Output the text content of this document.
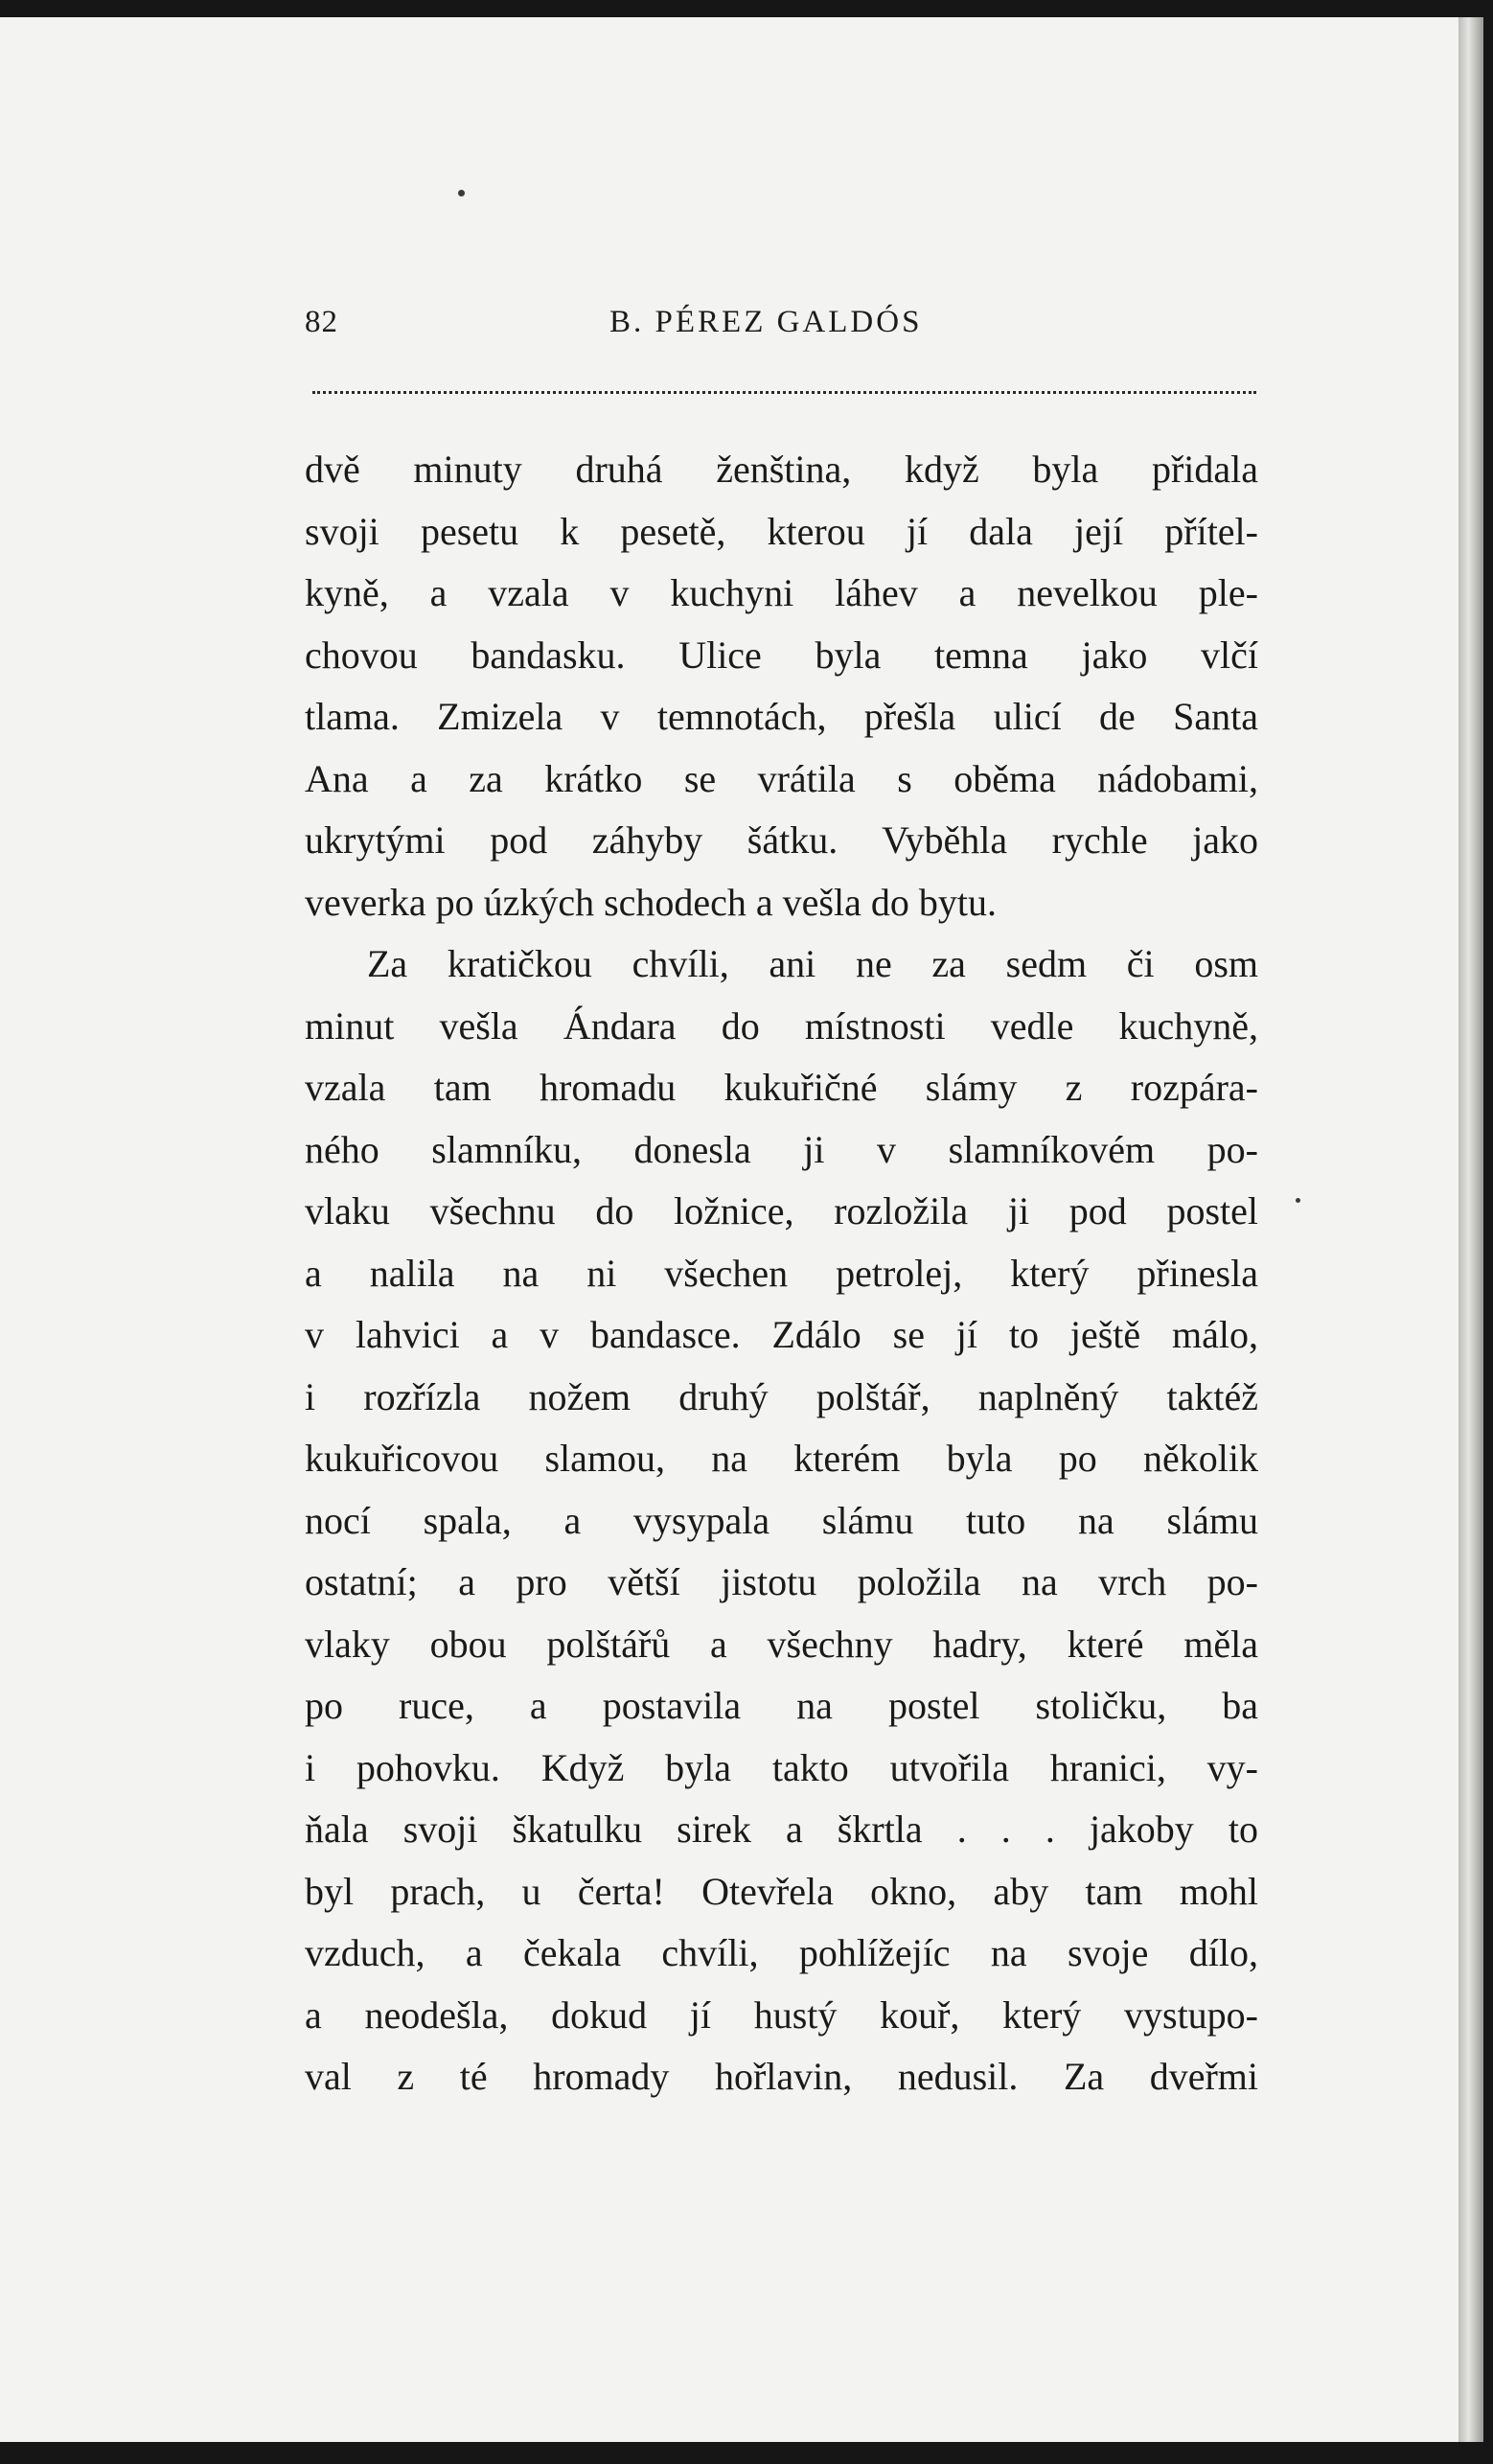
82	B. PÉREZ GALDÓS
dvě minuty druhá ženština, když byla přidala
svoji pesetu k pesetě, kterou jí dala její přítel-
kyně, a vzala v kuchyni láhev a nevelkou ple-
chovou bandasku. Ulice byla temna jako vlčí
tlama. Zmizela v temnotách, přešla ulicí de Santa
Ana a za krátko se vrátila s oběma nádobami,
ukrytými pod záhyby šátku. Vyběhla rychle jako
veverka po úzkých schodech a vešla do bytu.
Za kratičkou chvíli, ani ne za sedm či osm
minut vešla Ándara do místnosti vedle kuchyně,
vzala tam hromadu kukuřičné slámy z rozpára-
ného slamníku, donesla ji v slamníkovém po-
vlaku všechnu do ložnice, rozložila ji pod postel
a nalila na ni všechen petrolej, který přinesla
v lahvici a v bandasce. Zdálo se jí to ještě málo,
i rozřízla nožem druhý polštář, naplněný taktéž
kukuřicovou slamou, na kterém byla po několik
nocí spala, a vysypala slámu tuto na slámu
ostatní; a pro větší jistotu položila na vrch po-
vlaky obou polštářů a všechny hadry, které měla
po ruce, a postavila na postel stoličku, ba
i pohovku. Když byla takto utvořila hranici, vy-
ňala svoji škatulku sirek a škrtla . . . jakoby to
byl prach, u čerta! Otevřela okno, aby tam mohl
vzduch, a čekala chvíli, pohlížejíc na svoje dílo,
a neodešla, dokud jí hustý kouř, který vystupo-
val z té hromady hořlavin, nedusil. Za dveřmi
